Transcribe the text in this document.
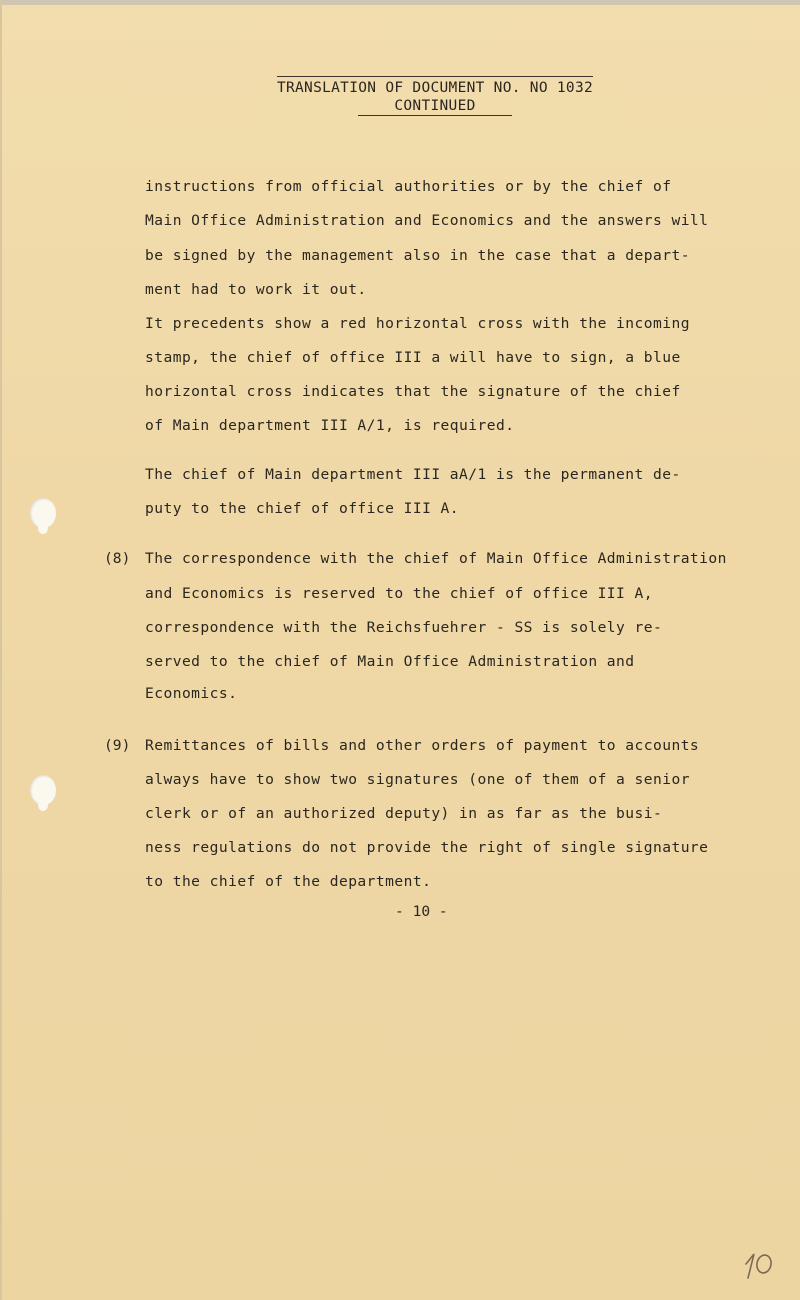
TRANSLATION OF DOCUMENT NO. NO 1032
CONTINUED
instructions from official authorities or by the chief of
Main Office Administration and Economics and the answers will
be signed by the management also in the case that a depart-
ment had to work it out.
It precedents show a red horizontal cross with the incoming
stamp, the chief of office III a will have to sign, a blue
horizontal cross indicates that the signature of the chief
of Main department III A/1, is required.
The chief of Main department III aA/1 is the permanent de-
puty to the chief of office III A.
(8) The correspondence with the chief of Main Office Administration
and Economics is reserved to the chief of office III A,
correspondence with the Reichsfuehrer - SS is solely re-
served to the chief of Main Office Administration and
Economics.
(9) Remittances of bills and other orders of payment to accounts
always have to show two signatures (one of them of a senior
clerk or of an authorized deputy) in as far as the busi-
ness regulations do not provide the right of single signature
to the chief of the department.
- 10 -
